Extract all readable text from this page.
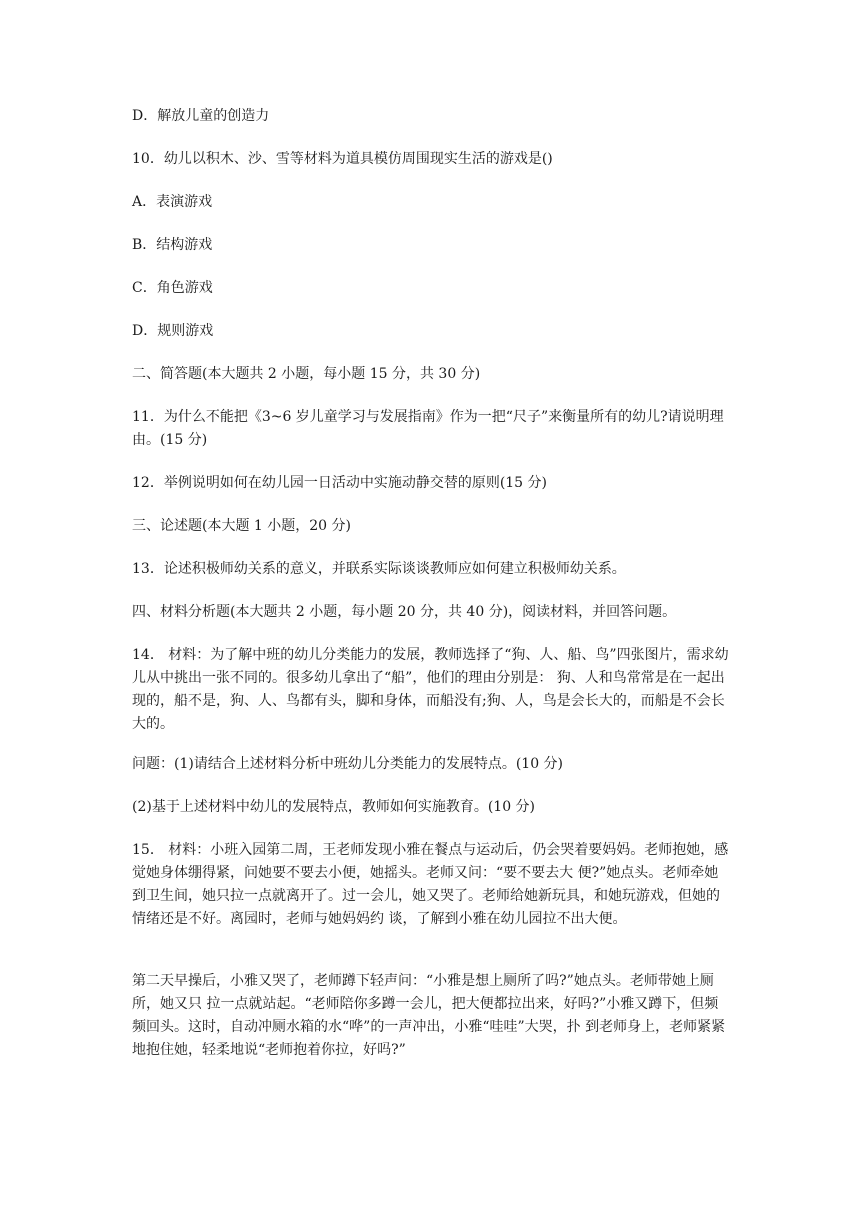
D．解放儿童的创造力

10．幼儿以积木、沙、雪等材料为道具模仿周围现实生活的游戏是()

A．表演游戏

B．结构游戏

C．角色游戏

D．规则游戏

二、简答题(本大题共 2 小题，每小题 15 分，共 30 分)

11．为什么不能把《3~6 岁儿童学习与发展指南》作为一把“尺子”来衡量所有的幼儿?请说明理由。(15 分)

12．举例说明如何在幼儿园一日活动中实施动静交替的原则(15 分)

三、论述题(本大题 1 小题，20 分)

13．论述积极师幼关系的意义，并联系实际谈谈教师应如何建立积极师幼关系。

四、材料分析题(本大题共 2 小题，每小题 20 分，共 40 分)，阅读材料，并回答问题。

14． 材料：为了解中班的幼儿分类能力的发展，教师选择了“狗、人、船、鸟”四张图片，需求幼儿从中挑出一张不同的。很多幼儿拿出了“船”，他们的理由分别是： 狗、人和鸟常常是在一起出现的，船不是，狗、人、鸟都有头，脚和身体，而船没有;狗、人，鸟是会长大的，而船是不会长大的。

问题：(1)请结合上述材料分析中班幼儿分类能力的发展特点。(10 分)

(2)基于上述材料中幼儿的发展特点，教师如何实施教育。(10 分)

15． 材料：小班入园第二周，王老师发现小雅在餐点与运动后，仍会哭着要妈妈。老师抱她，感觉她身体绷得紧，问她要不要去小便，她摇头。老师又问：“要不要去大 便?”她点头。老师牵她到卫生间，她只拉一点就离开了。过一会儿，她又哭了。老师给她新玩具，和她玩游戏，但她的情绪还是不好。离园时，老师与她妈妈约 谈，了解到小雅在幼儿园拉不出大便。

第二天早操后，小雅又哭了，老师蹲下轻声问：“小雅是想上厕所了吗?”她点头。老师带她上厕所，她又只 拉一点就站起。“老师陪你多蹲一会儿，把大便都拉出来，好吗?”小雅又蹲下，但频频回头。这时，自动冲厕水箱的水“哗”的一声冲出，小雅“哇哇”大哭，扑 到老师身上，老师紧紧地抱住她，轻柔地说“老师抱着你拉，好吗?”
